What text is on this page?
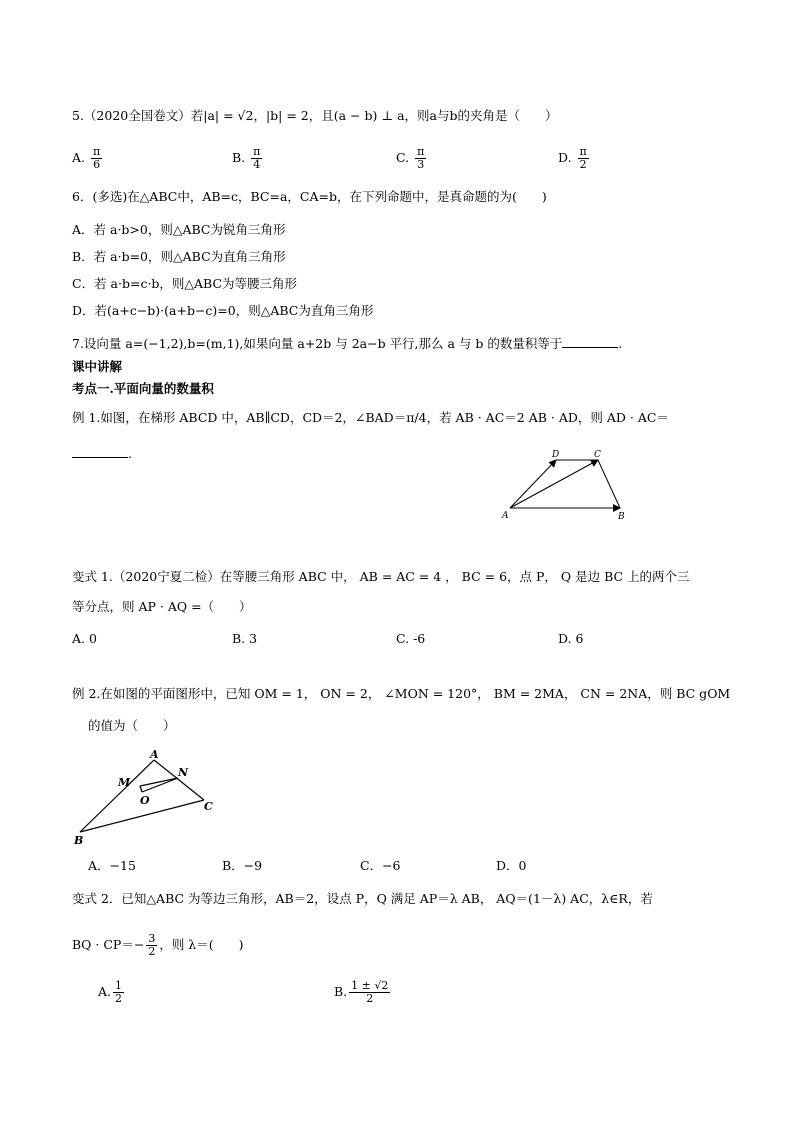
5.（2020全国卷文）若|a| = √2，|b| = 2，且(a − b) ⊥ a，则a与b的夹角是（　　）
A. $\frac{\pi}{6}$	B. $\frac{\pi}{4}$	C. $\frac{\pi}{3}$	D. $\frac{\pi}{2}$
6．(多选)在△ABC中，AB=c，BC=a，CA=b，在下列命题中，是真命题的为(　　)
A．若 a·b>0，则△ABC为锐角三角形
B．若 a·b=0，则△ABC为直角三角形
C．若 a·b=c·b，则△ABC为等腰三角形
D．若(a+c−b)·(a+b−c)=0，则△ABC为直角三角形
7.设向量 a=(−1,2),b=(m,1),如果向量 a+2b 与 2a−b 平行,那么 a 与 b 的数量积等于	.
课中讲解
考点一.平面向量的数量积
例 1.如图，在梯形 ABCD 中，AB∥CD，CD＝2，∠BAD＝π/4，若 AB · AC＝2 AB · AD，则 AD · AC＝
.
A	B
C
D
变式 1.（2020宁夏二检）在等腰三角形 ABC 中， AB = AC = 4 ， BC = 6，点 P， Q 是边 BC 上的两个三
等分点，则 AP · AQ =（　　）
A. 0	B. 3	C. -6	D. 6
例 2.在如图的平面图形中，已知 OM = 1， ON = 2， ∠MON = 120°， BM = 2MA， CN = 2NA，则 BC gOM
的值为（　　）
A
M
N
O	C
B
A．−15	B．−9	C．−6	D．0
变式 2．已知△ABC 为等边三角形，AB＝2，设点 P，Q 满足 AP＝λ AB， AQ＝(1－λ) AC，λ∈R，若
BQ · $CP=- \frac{3}{2}$ ，则 λ＝(　　)
A. $\frac{1}{2}$	B. $\frac{1 \pm √2}{2}$
